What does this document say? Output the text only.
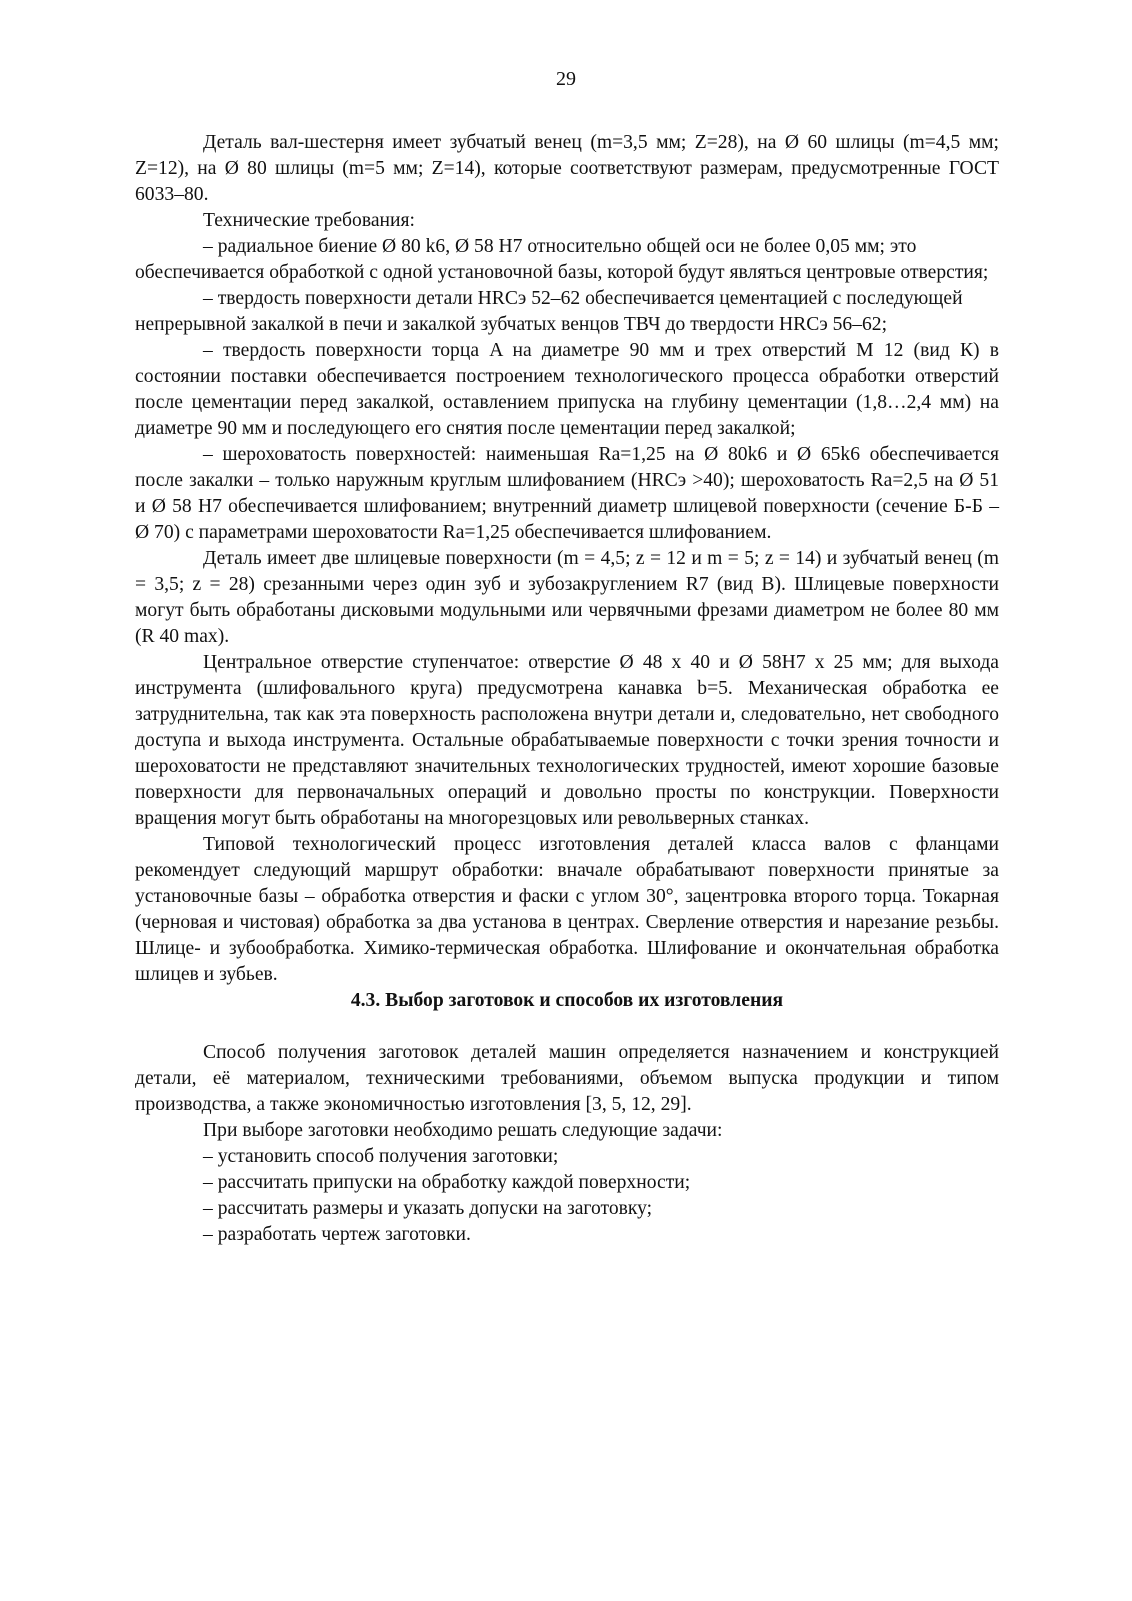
29

Деталь вал-шестерня имеет зубчатый венец (m=3,5 мм; Z=28), на Ø 60 шлицы (m=4,5 мм; Z=12), на Ø 80 шлицы (m=5 мм; Z=14), которые соответствуют размерам, предусмотренные ГОСТ 6033–80.

Технические требования:

– радиальное биение Ø 80 k6, Ø 58 H7 относительно общей оси не более 0,05 мм; это обеспечивается обработкой с одной установочной базы, которой будут являться центровые отверстия;

– твердость поверхности детали HRCэ 52–62 обеспечивается цементацией с последующей непрерывной закалкой в печи и закалкой зубчатых венцов ТВЧ до твердости HRCэ 56–62;

– твердость поверхности торца A на диаметре 90 мм и трех отверстий M 12 (вид К) в состоянии поставки обеспечивается построением технологического процесса обработки отверстий после цементации перед закалкой, оставлением припуска на глубину цементации (1,8…2,4 мм) на диаметре 90 мм и последующего его снятия после цементации перед закалкой;

– шероховатость поверхностей: наименьшая Ra=1,25 на Ø 80k6 и Ø 65k6 обеспечивается после закалки – только наружным круглым шлифованием (HRCэ >40); шероховатость Ra=2,5 на Ø 51 и Ø 58 H7 обеспечивается шлифованием; внутренний диаметр шлицевой поверхности (сечение Б-Б – Ø 70) с параметрами шероховатости Ra=1,25 обеспечивается шлифованием.

Деталь имеет две шлицевые поверхности (m = 4,5; z = 12 и m = 5; z = 14) и зубчатый венец (m = 3,5; z = 28) срезанными через один зуб и зубозакруглением R7 (вид В). Шлицевые поверхности могут быть обработаны дисковыми модульными или червячными фрезами диаметром не более 80 мм (R 40 max).

Центральное отверстие ступенчатое: отверстие Ø 48 х 40 и Ø 58H7 х 25 мм; для выхода инструмента (шлифовального круга) предусмотрена канавка b=5. Механическая обработка ее затруднительна, так как эта поверхность расположена внутри детали и, следовательно, нет свободного доступа и выхода инструмента. Остальные обрабатываемые поверхности с точки зрения точности и шероховатости не представляют значительных технологических трудностей, имеют хорошие базовые поверхности для первоначальных операций и довольно просты по конструкции. Поверхности вращения могут быть обработаны на многорезцовых или револьверных станках.

Типовой технологический процесс изготовления деталей класса валов с фланцами рекомендует следующий маршрут обработки: вначале обрабатывают поверхности принятые за установочные базы – обработка отверстия и фаски с углом 30°, зацентровка второго торца. Токарная (черновая и чистовая) обработка за два установа в центрах. Сверление отверстия и нарезание резьбы. Шлице- и зубообработка. Химико-термическая обработка. Шлифование и окончательная обработка шлицев и зубьев.

4.3. Выбор заготовок и способов их изготовления

Способ получения заготовок деталей машин определяется назначением и конструкцией детали, её материалом, техническими требованиями, объемом выпуска продукции и типом производства, а также экономичностью изготовления [3, 5, 12, 29].

При выборе заготовки необходимо решать следующие задачи:

– установить способ получения заготовки;

– рассчитать припуски на обработку каждой поверхности;

– рассчитать размеры и указать допуски на заготовку;

– разработать чертеж заготовки.
